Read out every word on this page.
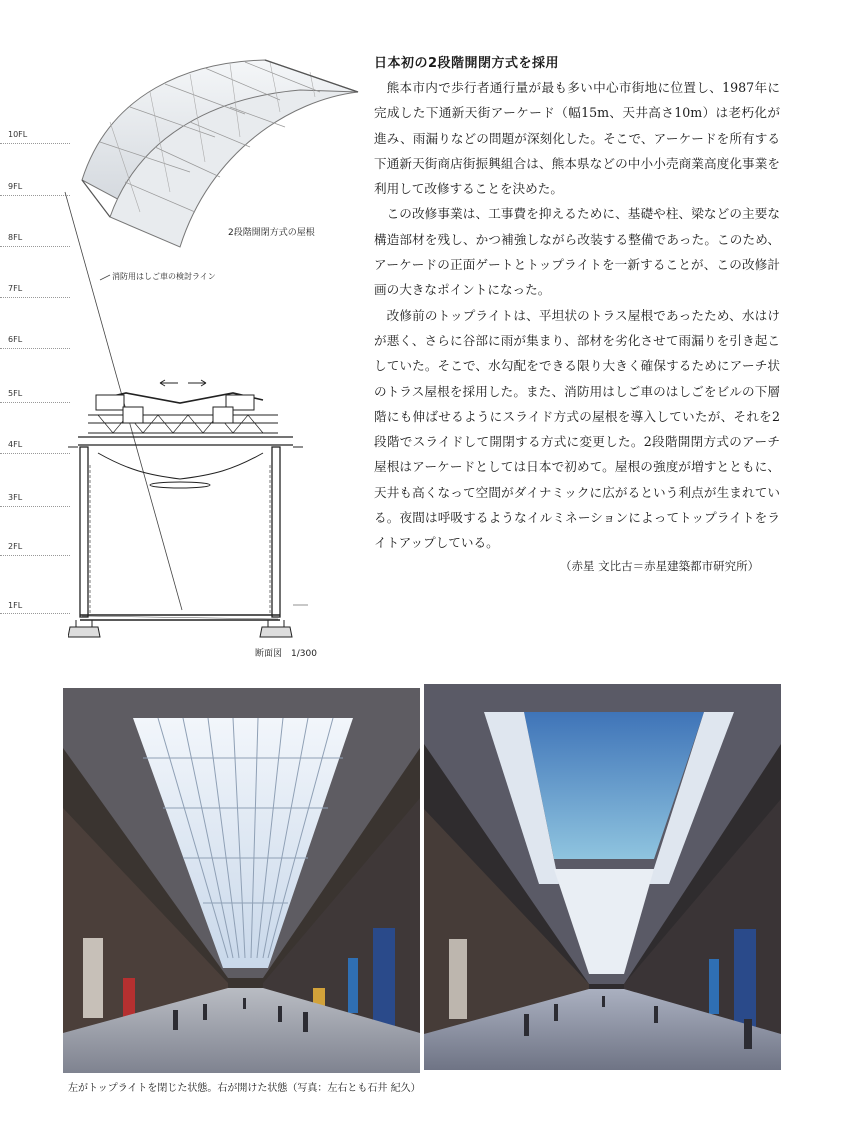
10FL
9FL
8FL
7FL
6FL
5FL
4FL
3FL
2FL
1FL
2段階開閉方式の屋根
消防用はしご車の検討ライン
断面図　1/300
日本初の2段階開閉方式を採用

熊本市内で歩行者通行量が最も多い中心市街地に位置し、1987年に完成した下通新天街アーケード（幅15m、天井高さ10m）は老朽化が進み、雨漏りなどの問題が深刻化した。そこで、アーケードを所有する下通新天街商店街振興組合は、熊本県などの中小小売商業高度化事業を利用して改修することを決めた。

この改修事業は、工事費を抑えるために、基礎や柱、梁などの主要な構造部材を残し、かつ補強しながら改装する整備であった。このため、アーケードの正面ゲートとトップライトを一新することが、この改修計画の大きなポイントになった。

改修前のトップライトは、平坦状のトラス屋根であったため、水はけが悪く、さらに谷部に雨が集まり、部材を劣化させて雨漏りを引き起こしていた。そこで、水勾配をできる限り大きく確保するためにアーチ状のトラス屋根を採用した。また、消防用はしご車のはしごをビルの下層階にも伸ばせるようにスライド方式の屋根を導入していたが、それを2段階でスライドして開閉する方式に変更した。2段階開閉方式のアーチ屋根はアーケードとしては日本で初めて。屋根の強度が増すとともに、天井も高くなって空間がダイナミックに広がるという利点が生まれている。夜間は呼吸するようなイルミネーションによってトップライトをライトアップしている。

（赤星 文比古＝赤星建築都市研究所）
左がトップライトを閉じた状態。右が開けた状態（写真：左右とも石井 紀久）
